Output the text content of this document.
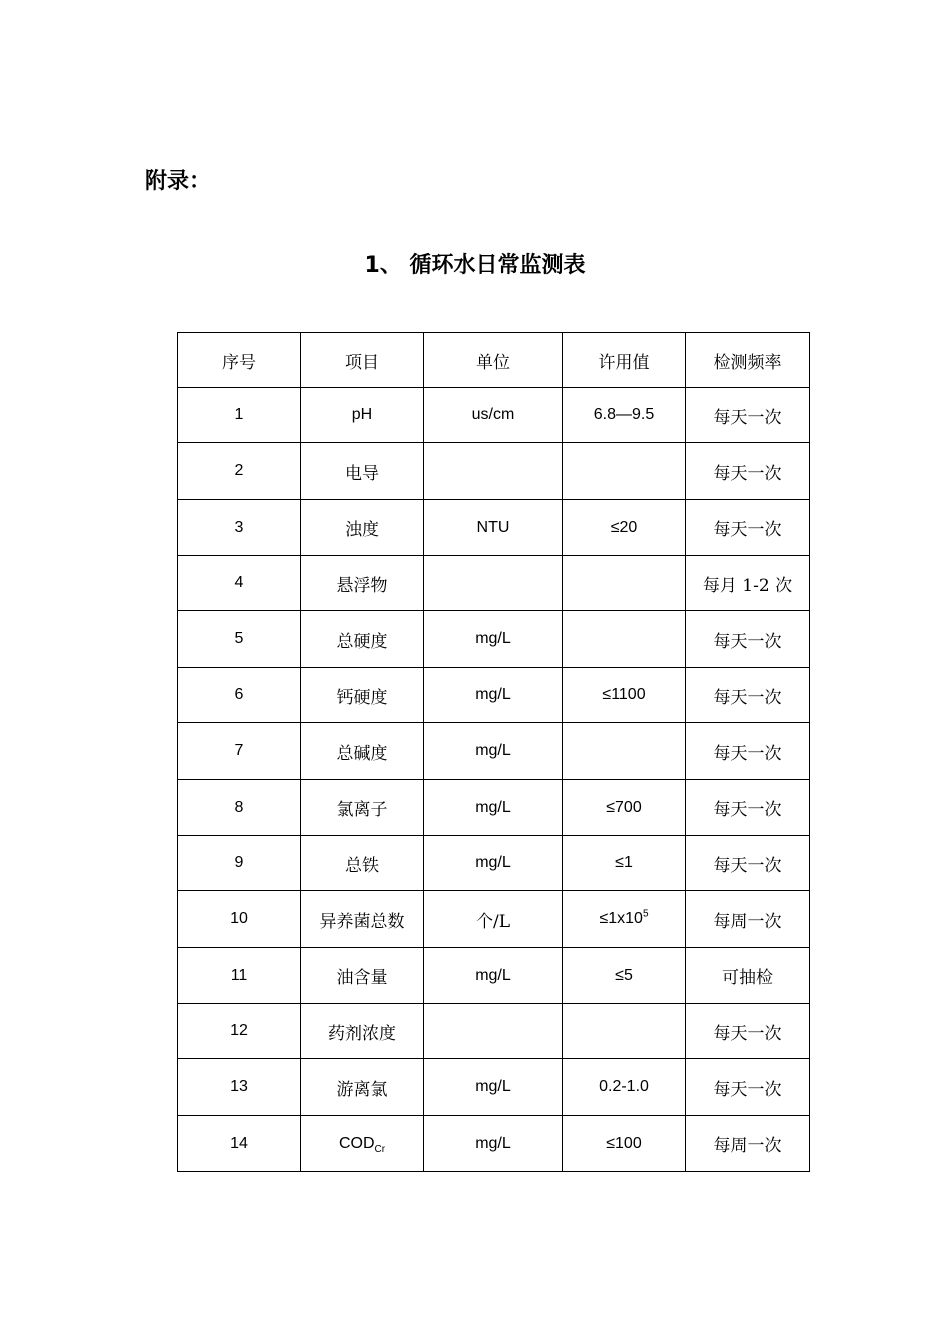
附录：
1、 循环水日常监测表
序号	项目	单位	许用值	检测频率
1	pH	us/cm	6.8—9.5	每天一次
2	电导			每天一次
3	浊度	NTU	≤20	每天一次
4	悬浮物			每月 1-2 次
5	总硬度	mg/L		每天一次
6	钙硬度	mg/L	≤1100	每天一次
7	总碱度	mg/L		每天一次
8	氯离子	mg/L	≤700	每天一次
9	总铁	mg/L	≤1	每天一次
10	异养菌总数	个/L	$\le 1x10^5$	每周一次
11	油含量	mg/L	≤5	可抽检
12	药剂浓度			每天一次
13	游离氯	mg/L	0.2-1.0	每天一次
14	$COD_{Cr}$	mg/L	≤100	每周一次
